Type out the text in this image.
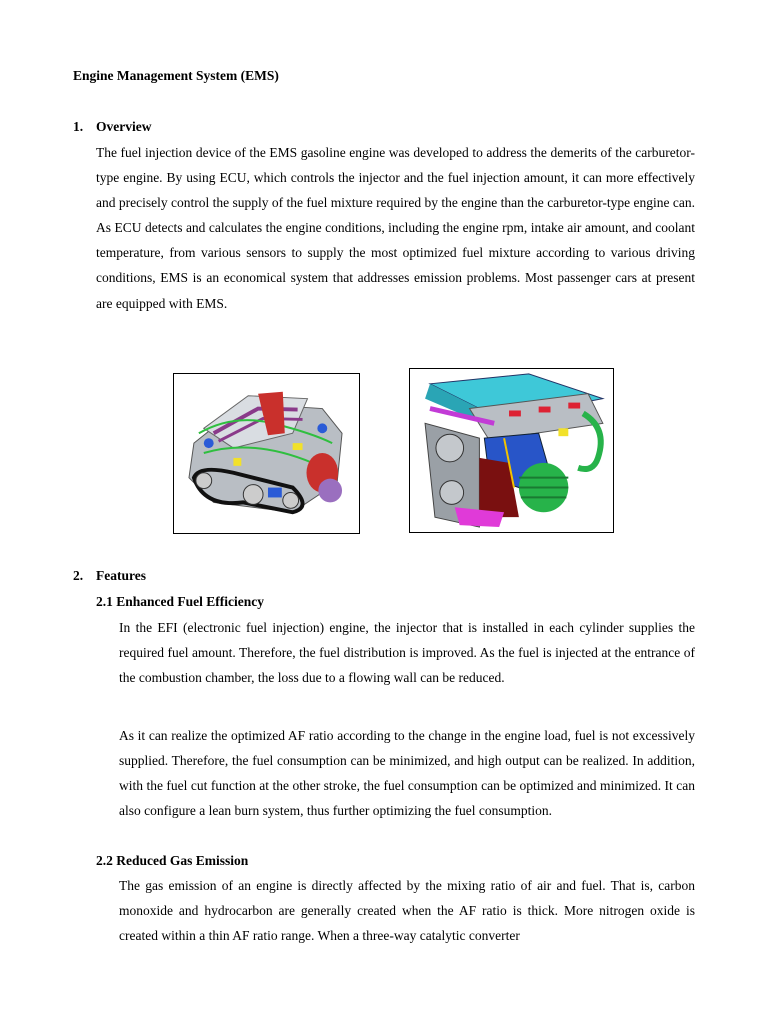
Engine Management System (EMS)
1. Overview

The fuel injection device of the EMS gasoline engine was developed to address the demerits of the carburetor-type engine. By using ECU, which controls the injector and the fuel injection amount, it can more effectively and precisely control the supply of the fuel mixture required by the engine than the carburetor-type engine can. As ECU detects and calculates the engine conditions, including the engine rpm, intake air amount, and coolant temperature, from various sensors to supply the most optimized fuel mixture according to various driving conditions, EMS is an economical system that addresses emission problems. Most passenger cars at present are equipped with EMS.

2. Features
2.1 Enhanced Fuel Efficiency

In the EFI (electronic fuel injection) engine, the injector that is installed in each cylinder supplies the required fuel amount. Therefore, the fuel distribution is improved. As the fuel is injected at the entrance of the combustion chamber, the loss due to a flowing wall can be reduced.

As it can realize the optimized AF ratio according to the change in the engine load, fuel is not excessively supplied. Therefore, the fuel consumption can be minimized, and high output can be realized. In addition, with the fuel cut function at the other stroke, the fuel consumption can be optimized and minimized. It can also configure a lean burn system, thus further optimizing the fuel consumption.

2.2 Reduced Gas Emission

The gas emission of an engine is directly affected by the mixing ratio of air and fuel. That is, carbon monoxide and hydrocarbon are generally created when the AF ratio is thick. More nitrogen oxide is created within a thin AF ratio range. When a three-way catalytic converter
